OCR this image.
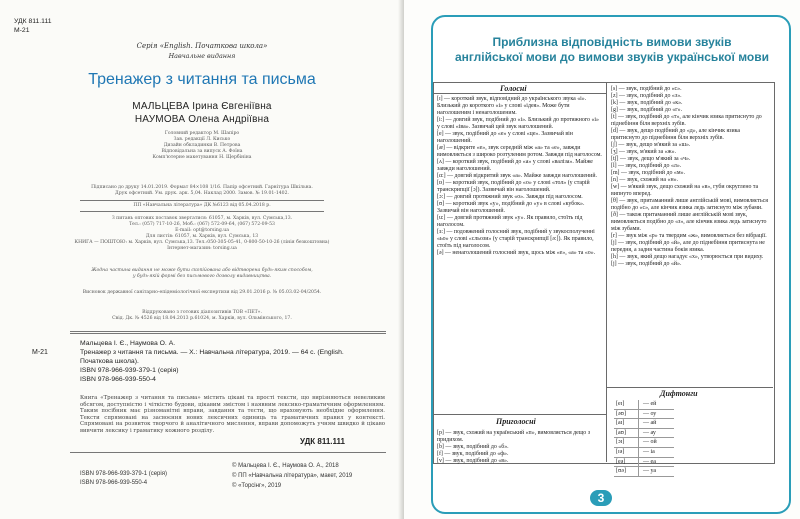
УДК 811.111
М-21
Серія «English. Початкова школа»
Навчальне видання
Тренажер з читання та письма
МАЛЬЦЕВА Ірина Євгеніївна
НАУМОВА Олена Андріївна
Головний редактор М. Шапіро
Зав. редакції Л. Кисько
Дизайн обкладинки В. Петрова
Відповідальна за випуск А. Фоїна
Комп'ютерне макетування Н. Щербініна
Підписано до друку 14.01.2019. Формат 84×108 1/16. Папір офсетний. Гарнітура Шкільна.
Друк офсетний. Ум. друк. арк. 5,04. Наклад 2000. Замов. № 19.01-1402.
ПП «Навчальна література» ДК №6123 від 05.04.2018 р.
З питань оптових поставок звертатися: 61057, м. Харків, вул. Сумська,13.
Тел.: (057) 717-10-26, Моб.: (067) 572-09-64, (067) 572-09-53
E-mail: opt@torsing.ua
Для листів: 61057, м. Харків, вул. Сумська, 13
КНИГА — ПОШТОЮ: м. Харків, вул. Сумська,13. Тел.:050-305-05-41, 0-800-50-10-26 (лінія безкоштовна)
Інтернет-магазин: torsing.ua
Жодна частина видання не може бути скопійована або відтворена будь-яким способом,
у будь-якій формі без письмового дозволу видавництва.
Висновок державної санітарно-епідеміологічної експертизи від 29.01.2016 р. № 05.03.02-04/2054.
Віддруковано з готових діапозитивів ТОВ «ПЕТ».
Свід. Дк. № 4526 від 18.04.2013 р.61024, м. Харків, вул. Ольмінського, 17.
М-21
Мальцева І. Є., Наумова О. А.
Тренажер з читання та письма. — Х.: Навчальна література, 2019. — 64 с. (English.
Початкова школа).
ISBN 978-966-939-379-1 (серія)
ISBN 978-966-939-550-4
Книга «Тренажер з читання та письма» містить цікаві та прості тексти, що вирізняються невеликим обсягом, доступністю і чіткістю будови, цікавим змістом і наявним лексико-граматичним оформленням. Таким посібник має різноманітні вправи, завдання та тести, що враховують необхідне оформлення. Тексти спрямовані на засвоєння нових лексичних одиниць та граматичних правил у контексті. Спрямовані на розвиток творчого й аналітичного мислення, вправи допоможуть учням швидко й цікаво вивчити лексику і граматику кожного розділу.
УДК 811.111
ISBN 978-966-939-379-1 (серія)
ISBN 978-966-939-550-4
© Мальцева І. Є., Наумова О. А., 2018
© ПП «Навчальна література», макет, 2019
© «Торсінг», 2019
Приблизна відповідність вимови звуків
англійської мови до вимови звуків української мови
Голосні
[ɪ] — короткий звук, відповідний до українського звука «і». Близький до короткого «і» у слові «ідея». Може бути наголошеним і ненаголошеним.
[i:] — довгий звук, подібний до «і». Близький до протяжного «і» у слові «іва». Зазвичай цей звук наголошений.
[e] — звук, подібний до «е» у слові «це». Зазвичай він наголошений.
[æ] — відкрите «е», звук середній між «а» та «е», завжди вимовляється з широко розтуленим ротом. Завжди під наголосом.
[ʌ] — короткий звук, подібний до «а» у слові «валіза». Майже завжди наголошений.
[ɑ:] — довгий відкритий звук «а». Майже завжди наголошений.
[ɒ] — короткий звук, подібний до «о» у слові «тол» (у старій транскрипції [ɔ]). Зазвичай він наголошений.
[ɔ:] — довгий протяжний звук «о». Завжди під наголосом.
[ʊ] — короткий звук «у», подібний до «у» в слові «кубок». Зазвичай він наголошений.
[u:] — довгий протяжний звук «у». Як правило, стоїть під наголосом.
[ɜ:] — подовжений голосний звук, подібний у звукосполученні «ьо» у слові «сльози» (у старій транскрипції [ə:]). Як правило, стоїть під наголосом.
[ə] — ненаголошений голосний звук, щось між «е», «а» та «о».
Приголосні
[p] — звук, схожий на український «п», вимовляється дещо з придихом.
[b] — звук, подібний до «б».
[f] — звук, подібний до «ф».
[v] — звук, подібний до «в».
[s] — звук, подібний до «с».
[z] — звук, подібний до «з».
[k] — звук, подібний до «к».
[g] — звук, подібний до «г».
[t] — звук, подібний до «т», але кінчик язика притиснуто до піднебіння біля верхніх зубів.
[d] — звук, дещо подібний до «д», але кінчик язика притиснуто до піднебіння біля верхніх зубів.
[ʃ] — звук, дещо м'який за «ш».
[ʒ] — звук, м'який за «ж».
[tʃ] — звук, дещо м'який за «ч».
[l] — звук, подібний до «л».
[m] — звук, подібний до «м».
[n] — звук, схожий на «н».
[w] — м'який звук, дещо схожий на «в», губи округлено та випнуто вперед.
[θ] — звук, притаманний лише англійській мові, вимовляється подібно до «с», але кінчик язика ледь затиснуто між зубами.
[ð] — також притаманний лише англійській мові звук, вимовляється подібно до «з», але кінчик язика ледь затиснуто між зубами.
[r] — звук між «р» та твердим «ж», вимовляється без вібрації.
[j] — звук, подібний до «й», але до піднебіння притиснута не передня, а задня частина бокія язика.
[h] — звук, який дещо нагадує «х», утворюється при видиху.
[j] — звук, подібний до «й».
Дифтонги
[eɪ]	— ей
[əʊ]	— оу
[aɪ]	— ай
[aʊ]	— ау
[ɔɪ]	— ой
[ɪə]	— іа
[eə]	— еа
[ʊə]	— уа
3
